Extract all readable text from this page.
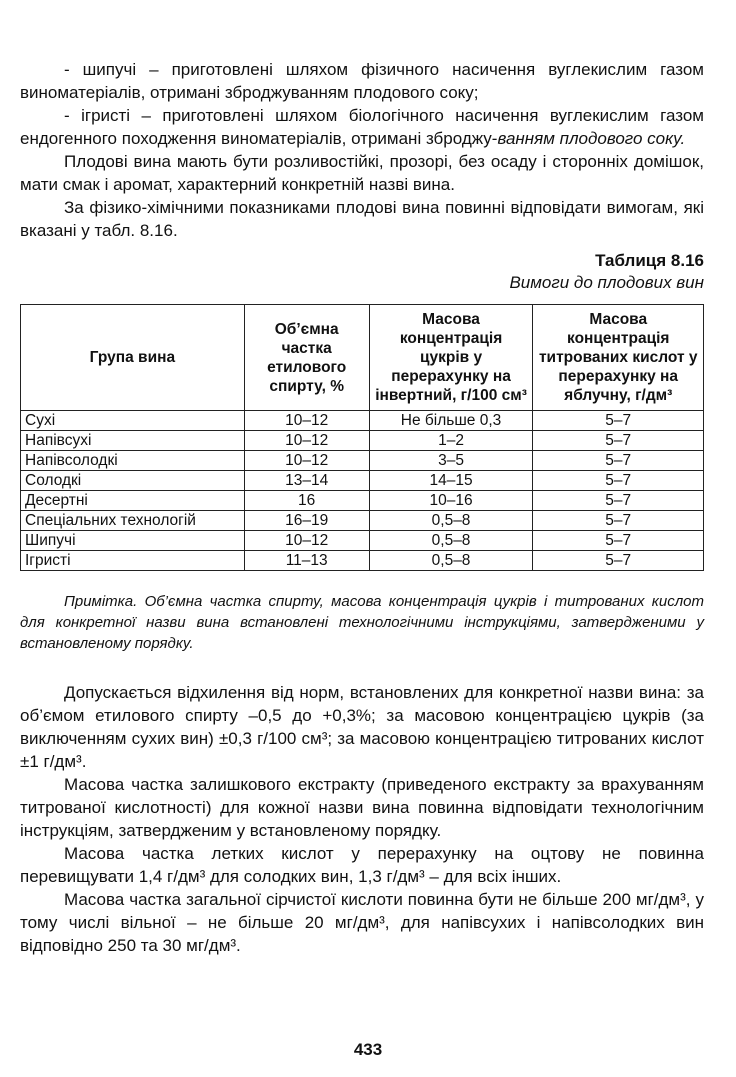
- шипучі – приготовлені шляхом фізичного насичення вуглекислим газом виноматеріалів, отримані зброджуванням плодового соку;

- ігристі – приготовлені шляхом біологічного насичення вуглекислим газом ендогенного походження виноматеріалів, отримані зброджу-ванням плодового соку.

Плодові вина мають бути розливостійкі, прозорі, без осаду і сторонніх домішок, мати смак і аромат, характерний конкретній назві вина.

За фізико-хімічними показниками плодові вина повинні відповідати вимогам, які вказані у табл. 8.16.

Таблиця 8.16
Вимоги до плодових вин
Група вина	Об’ємна частка етилового спирту, %	Масова концентрація цукрів у перерахунку на інвертний, г/100 см³	Масова концентрація титрованих кислот у перерахунку на яблучну, г/дм³
Сухі	10–12	Не більше 0,3	5–7
Напівсухі	10–12	1–2	5–7
Напівсолодкі	10–12	3–5	5–7
Солодкі	13–14	14–15	5–7
Десертні	16	10–16	5–7
Спеціальних технологій	16–19	0,5–8	5–7
Шипучі	10–12	0,5–8	5–7
Ігристі	11–13	0,5–8	5–7
Примітка. Об’ємна частка спирту, масова концентрація цукрів і титрованих кислот для конкретної назви вина встановлені технологічними інструкціями, затвердженими у встановленому порядку.

Допускається відхилення від норм, встановлених для конкретної назви вина: за об’ємом етилового спирту –0,5 до +0,3%; за масовою концентрацією цукрів (за виключенням сухих вин) ±0,3 г/100 см³; за масовою концентрацією титрованих кислот ±1 г/дм³.

Масова частка залишкового екстракту (приведеного екстракту за врахуванням титрованої кислотності) для кожної назви вина повинна відповідати технологічним інструкціям, затвердженим у встановленому порядку.

Масова частка летких кислот у перерахунку на оцтову не повинна перевищувати 1,4 г/дм³ для солодких вин, 1,3 г/дм³ – для всіх інших.

Масова частка загальної сірчистої кислоти повинна бути не більше 200 мг/дм³, у тому числі вільної – не більше 20 мг/дм³, для напівсухих і напівсолодких вин відповідно 250 та 30 мг/дм³.

433
